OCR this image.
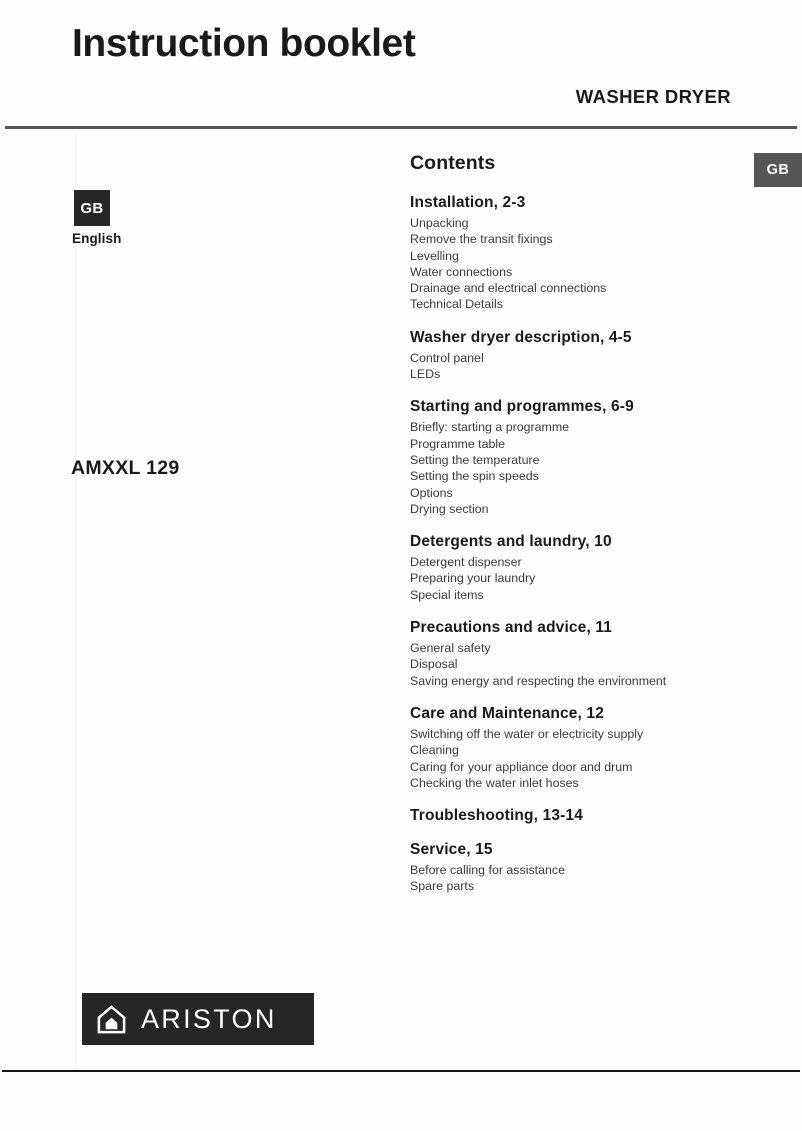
Instruction booklet
WASHER DRYER
GB
GB
English
AMXXL 129
ARISTON
Contents
Installation, 2-3
Unpacking
Remove the transit fixings
Levelling
Water connections
Drainage and electrical connections
Technical Details
Washer dryer description, 4-5
Control panel
LEDs
Starting and programmes, 6-9
Briefly: starting a programme
Programme table
Setting the temperature
Setting the spin speeds
Options
Drying section
Detergents and laundry, 10
Detergent dispenser
Preparing your laundry
Special items
Precautions and advice, 11
General safety
Disposal
Saving energy and respecting the environment
Care and Maintenance, 12
Switching off the water or electricity supply
Cleaning
Caring for your appliance door and drum
Checking the water inlet hoses
Troubleshooting, 13-14
Service, 15
Before calling for assistance
Spare parts
